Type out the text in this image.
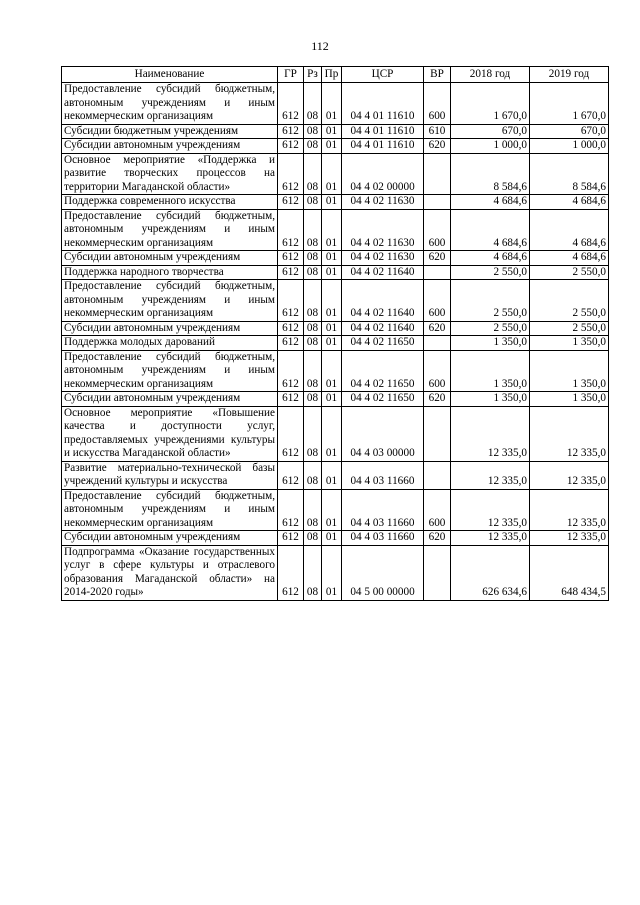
112
Наименование	ГР	Рз	Пр	ЦСР	ВР	2018 год	2019 год
Предоставление субсидий бюджетным, автономным учреждениям и иным некоммерческим организациям	612	08	01	04 4 01 11610	600	1 670,0	1 670,0
Субсидии бюджетным учреждениям	612	08	01	04 4 01 11610	610	670,0	670,0
Субсидии автономным учреждениям	612	08	01	04 4 01 11610	620	1 000,0	1 000,0
Основное мероприятие «Поддержка и развитие творческих процессов на территории Магаданской области»	612	08	01	04 4 02 00000		8 584,6	8 584,6
Поддержка современного искусства	612	08	01	04 4 02 11630		4 684,6	4 684,6
Предоставление субсидий бюджетным, автономным учреждениям и иным некоммерческим организациям	612	08	01	04 4 02 11630	600	4 684,6	4 684,6
Субсидии автономным учреждениям	612	08	01	04 4 02 11630	620	4 684,6	4 684,6
Поддержка народного творчества	612	08	01	04 4 02 11640		2 550,0	2 550,0
Предоставление субсидий бюджетным, автономным учреждениям и иным некоммерческим организациям	612	08	01	04 4 02 11640	600	2 550,0	2 550,0
Субсидии автономным учреждениям	612	08	01	04 4 02 11640	620	2 550,0	2 550,0
Поддержка молодых дарований	612	08	01	04 4 02 11650		1 350,0	1 350,0
Предоставление субсидий бюджетным, автономным учреждениям и иным некоммерческим организациям	612	08	01	04 4 02 11650	600	1 350,0	1 350,0
Субсидии автономным учреждениям	612	08	01	04 4 02 11650	620	1 350,0	1 350,0
Основное мероприятие «Повышение качества и доступности услуг, предоставляемых учреждениями культуры и искусства Магаданской области»	612	08	01	04 4 03 00000		12 335,0	12 335,0
Развитие материально-технической базы учреждений культуры и искусства	612	08	01	04 4 03 11660		12 335,0	12 335,0
Предоставление субсидий бюджетным, автономным учреждениям и иным некоммерческим организациям	612	08	01	04 4 03 11660	600	12 335,0	12 335,0
Субсидии автономным учреждениям	612	08	01	04 4 03 11660	620	12 335,0	12 335,0
Подпрограмма «Оказание государственных услуг в сфере культуры и отраслевого образования Магаданской области» на 2014-2020 годы»	612	08	01	04 5 00 00000		626 634,6	648 434,5
